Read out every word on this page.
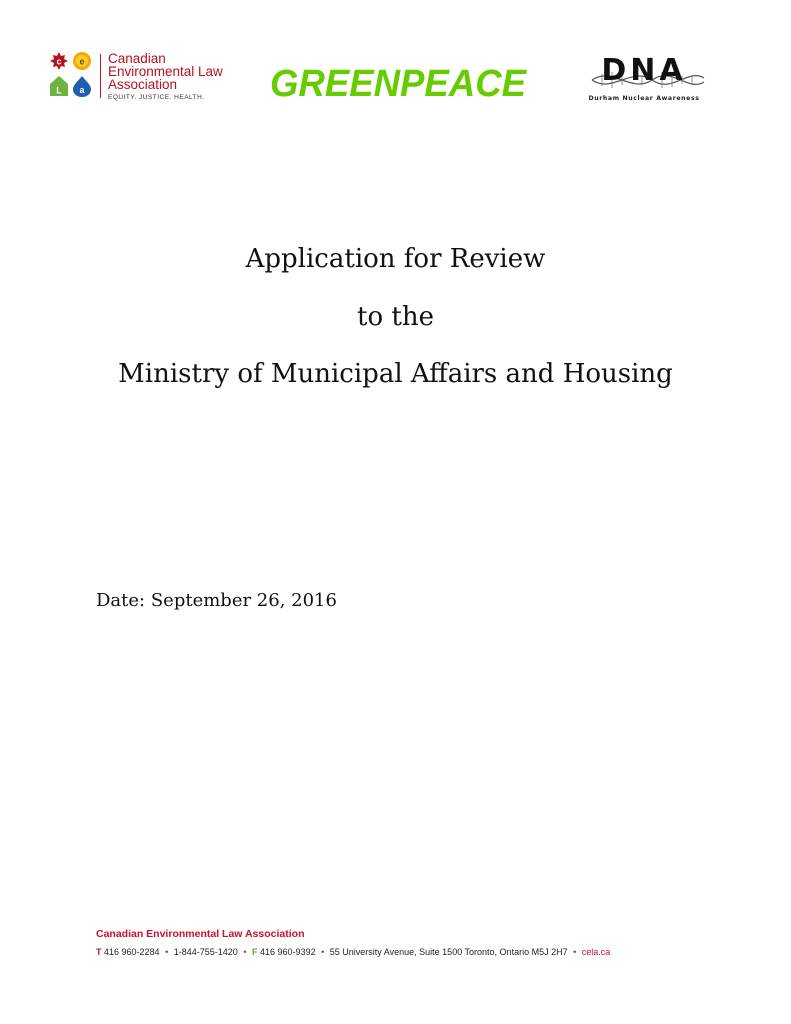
c e
L a
Canadian
Environmental Law
Association
EQUITY. JUSTICE. HEALTH.	GREENPEACE DNA
Durham Nuclear Awareness
Application for Review
to the
Ministry of Municipal Affairs and Housing
Date: September 26, 2016
Canadian Environmental Law Association
T 416 960-2284 • 1-844-755-1420 • F 416 960-9392 • 55 University Avenue, Suite 1500 Toronto, Ontario M5J 2H7 • cela.ca
